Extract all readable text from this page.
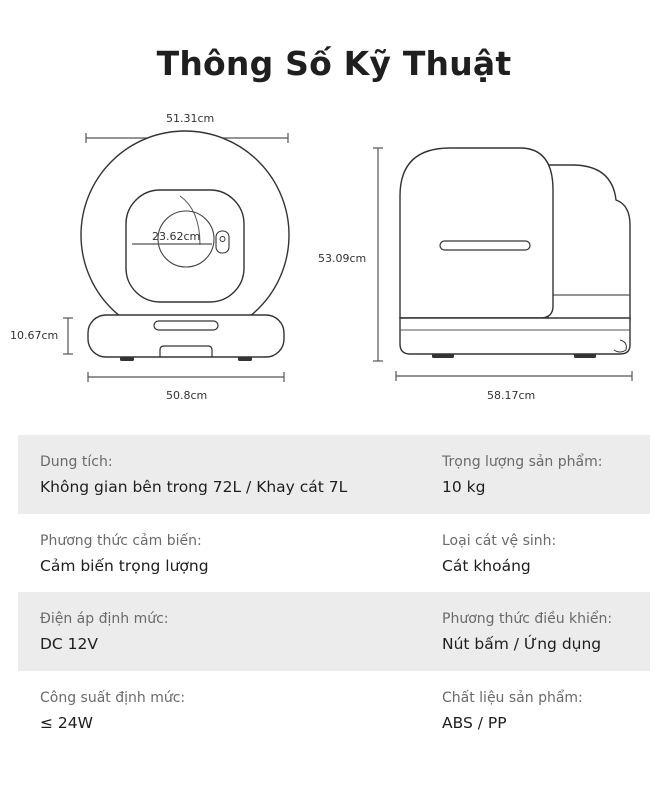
Thông Số Kỹ Thuật
51.31cm
23.62cm
10.67cm
50.8cm
53.09cm
58.17cm
Dung tích:
Không gian bên trong 72L / Khay cát 7L
Trọng lượng sản phẩm:
10 kg
Phương thức cảm biến:
Cảm biến trọng lượng
Loại cát vệ sinh:
Cát khoáng
Điện áp định mức:
DC 12V
Phương thức điều khiển:
Nút bấm / Ứng dụng
Công suất định mức:
≤ 24W
Chất liệu sản phẩm:
ABS / PP
